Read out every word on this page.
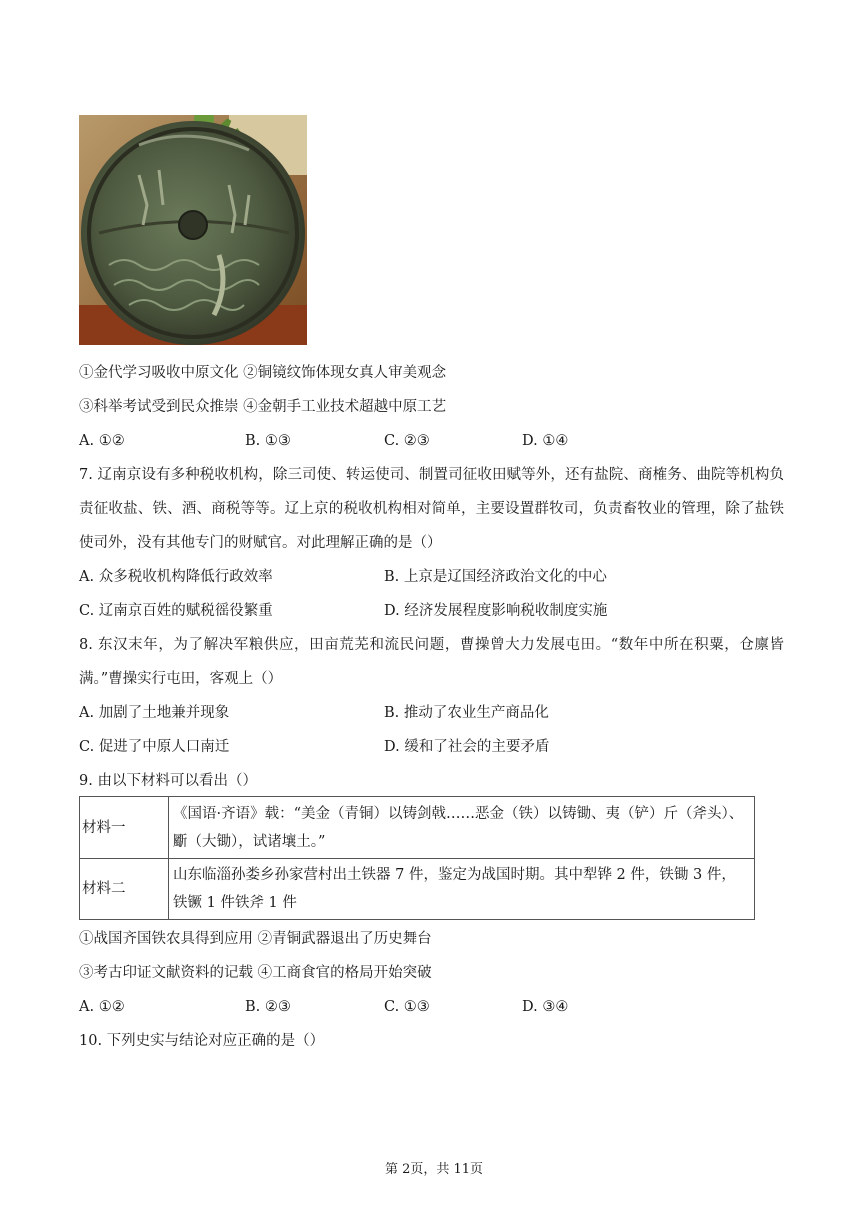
①金代学习吸收中原文化 ②铜镜纹饰体现女真人审美观念
③科举考试受到民众推崇 ④金朝手工业技术超越中原工艺
A. ①②	B. ①③	C. ②③	D. ①④
7. 辽南京设有多种税收机构，除三司使、转运使司、制置司征收田赋等外，还有盐院、商榷务、曲院等机构负责征收盐、铁、酒、商税等等。辽上京的税收机构相对简单，主要设置群牧司，负责畜牧业的管理，除了盐铁使司外，没有其他专门的财赋官。对此理解正确的是（）
A. 众多税收机构降低行政效率	B. 上京是辽国经济政治文化的中心
C. 辽南京百姓的赋税徭役繁重	D. 经济发展程度影响税收制度实施
8. 东汉末年，为了解决军粮供应，田亩荒芜和流民问题，曹操曾大力发展屯田。“数年中所在积粟，仓廪皆满。”曹操实行屯田，客观上（）
A. 加剧了土地兼并现象	B. 推动了农业生产商品化
C. 促进了中原人口南迁	D. 缓和了社会的主要矛盾
9. 由以下材料可以看出（）
材料一	《国语·齐语》载：“美金（青铜）以铸剑戟……恶金（铁）以铸锄、夷（铲）斤（斧头）、斸（大锄），试诸壤土。”
材料二	山东临淄孙娄乡孙家营村出土铁器 7 件，鉴定为战国时期。其中犁铧 2 件，铁锄 3 件，铁镢 1 件铁斧 1 件
①战国齐国铁农具得到应用 ②青铜武器退出了历史舞台
③考古印证文献资料的记载 ④工商食官的格局开始突破
A. ①②	B. ②③	C. ①③	D. ③④
10. 下列史实与结论对应正确的是（）
第 2页，共 11页
